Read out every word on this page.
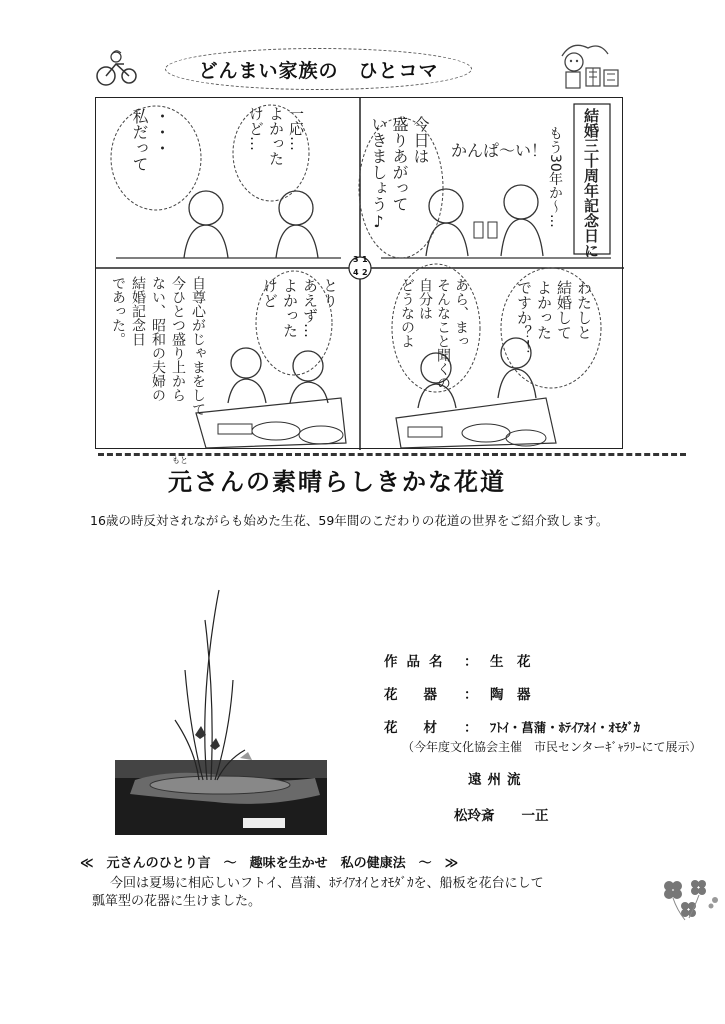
どんまい家族の　ひとコマ
3 1
4 2
結婚三十周年記念日に
かんぱ～い！
今日は
盛りあがって
いきましょう♪	もう30年か～…
わたしと
結婚して
よかった
ですか？！
あら、まっ
そんなこと聞くの
自分は
どうなのよ
・・・
私だって	一応…
よかった
けど…
自尊心がじゃまをして
今ひとつ盛り上から
ない、昭和の夫婦の
結婚記念日
であった。	とり
あえず…
よかった
けど
もと
元さんの素晴らしきかな花道
16歳の時反対されながらも始めた生花、59年間のこだわりの花道の世界をご紹介致します。
作品名 ： 生　花
花器： 陶　器
花材： ﾌﾄｲ・菖蒲・ﾎﾃｲｱｵｲ・ｵﾓﾀﾞｶ
（今年度文化協会主催　市民センターｷﾞｬﾗﾘｰにて展示）
遠州流
松玲斎　　一正
≪　元さんのひとり言　～　趣味を生かせ　私の健康法　～　≫
今回は夏場に相応しいフトイ、菖蒲、ﾎﾃｲｱｵｲとｵﾓﾀﾞｶを、船板を花台にして
瓢箪型の花器に生けました。
